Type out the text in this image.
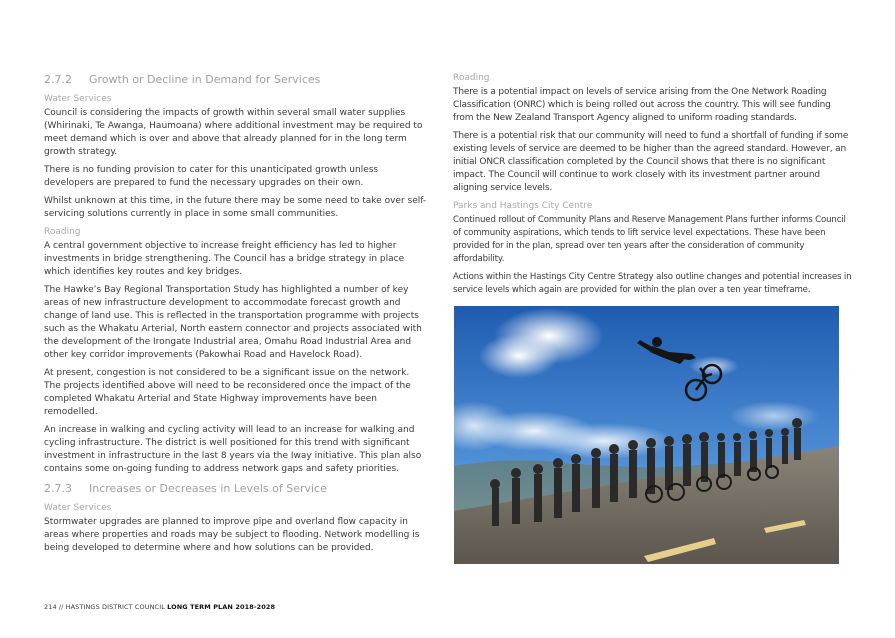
2.7.2	Growth or Decline in Demand for Services
Water Services

Council is considering the impacts of growth within several small water supplies (Whirinaki, Te Awanga, Haumoana) where additional investment may be required to meet demand which is over and above that already planned for in the long term growth strategy.

There is no funding provision to cater for this unanticipated growth unless developers are prepared to fund the necessary upgrades on their own.

Whilst unknown at this time, in the future there may be some need to take over self-servicing solutions currently in place in some small communities.

Roading

A central government objective to increase freight efficiency has led to higher investments in bridge strengthening. The Council has a bridge strategy in place which identifies key routes and key bridges.

The Hawke’s Bay Regional Transportation Study has highlighted a number of key areas of new infrastructure development to accommodate forecast growth and change of land use. This is reflected in the transportation programme with projects such as the Whakatu Arterial, North eastern connector and projects associated with the development of the Irongate Industrial area, Omahu Road Industrial Area and other key corridor improvements (Pakowhai Road and Havelock Road).

At present, congestion is not considered to be a significant issue on the network. The projects identified above will need to be reconsidered once the impact of the completed Whakatu Arterial and State Highway improvements have been remodelled.

An increase in walking and cycling activity will lead to an increase for walking and cycling infrastructure. The district is well positioned for this trend with significant investment in infrastructure in the last 8 years via the Iway initiative. This plan also contains some on-going funding to address network gaps and safety priorities.

2.7.3	Increases or Decreases in Levels of Service
Water Services

Stormwater upgrades are planned to improve pipe and overland flow capacity in areas where properties and roads may be subject to flooding. Network modelling is being developed to determine where and how solutions can be provided.

Roading

There is a potential impact on levels of service arising from the One Network Roading Classification (ONRC) which is being rolled out across the country. This will see funding from the New Zealand Transport Agency aligned to uniform roading standards.

There is a potential risk that our community will need to fund a shortfall of funding if some existing levels of service are deemed to be higher than the agreed standard. However, an initial ONCR classification completed by the Council shows that there is no significant impact. The Council will continue to work closely with its investment partner around aligning service levels.

Parks and Hastings City Centre

Continued rollout of Community Plans and Reserve Management Plans further informs Council of community aspirations, which tends to lift service level expectations. These have been provided for in the plan, spread over ten years after the consideration of community affordability.

Actions within the Hastings City Centre Strategy also outline changes and potential increases in service levels which again are provided for within the plan over a ten year timeframe.

214 // HASTINGS DISTRICT COUNCIL LONG TERM PLAN 2018-2028
